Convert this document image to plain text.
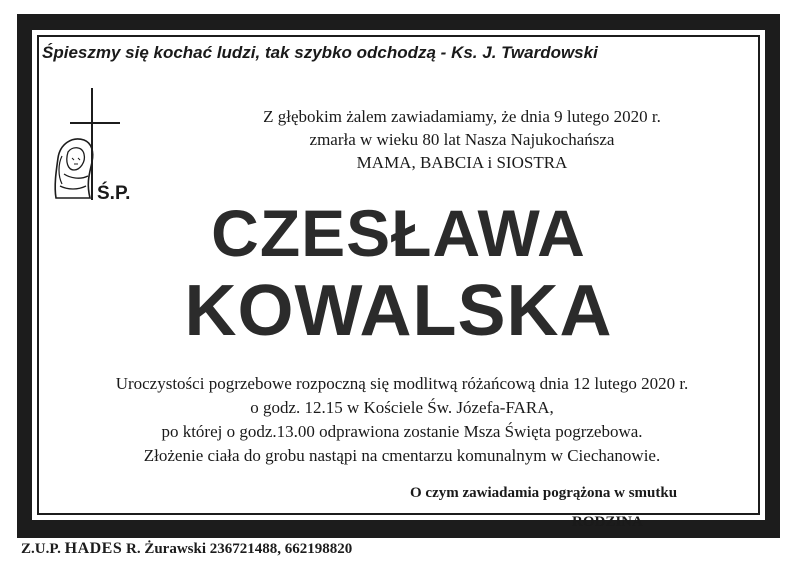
Śpieszmy się kochać ludzi, tak szybko odchodzą - Ks. J. Twardowski
Z głębokim żalem zawiadamiamy, że dnia 9 lutego 2020 r.
zmarła w wieku 80 lat Nasza Najukochańsza
MAMA, BABCIA i SIOSTRA
Ś.P.
CZESŁAWA
KOWALSKA
Uroczystości pogrzebowe rozpoczną się modlitwą różańcową dnia 12 lutego 2020 r.
o godz. 12.15 w Kościele Św. Józefa-FARA,
po której o godz.13.00 odprawiona zostanie Msza Święta pogrzebowa.
Złożenie ciała do grobu nastąpi na cmentarzu komunalnym w Ciechanowie.
O czym zawiadamia pogrążona w smutku
RODZINA
Z.U.P. HADES R. Żurawski 236721488, 662198820
